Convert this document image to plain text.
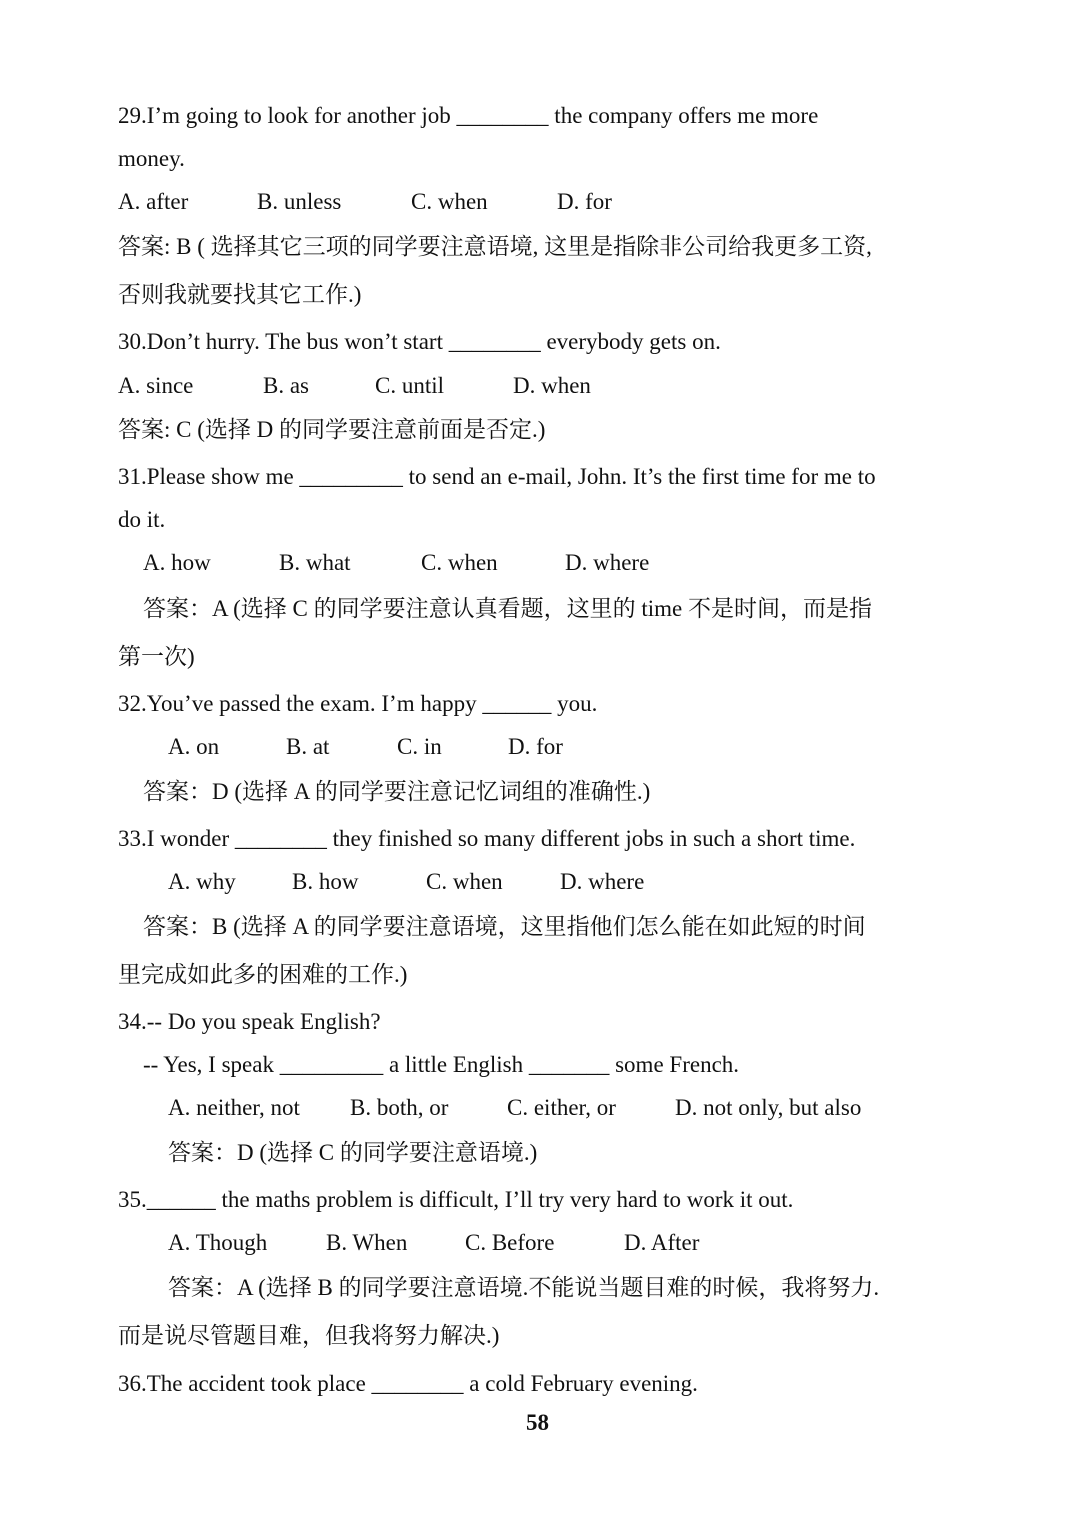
29.I’m going to look for another job ________ the company offers me more
money.
A. after	B. unless	C. when	D. for
答案: B ( 选择其它三项的同学要注意语境, 这里是指除非公司给我更多工资,
否则我就要找其它工作.)
30.Don’t hurry. The bus won’t start ________ everybody gets on.
A. since	B. as	C. until	D. when
答案: C (选择 D 的同学要注意前面是否定.)
31.Please show me _________ to send an e-mail, John. It’s the first time for me to
do it.
A. how	B. what	C. when	D. where
答案：A (选择 C 的同学要注意认真看题，这里的 time 不是时间，而是指
第一次)
32.You’ve passed the exam. I’m happy ______ you.
A. on	B. at	C. in	D. for
答案：D (选择 A 的同学要注意记忆词组的准确性.)
33.I wonder ________ they finished so many different jobs in such a short time.
A. why B. how	C. when D. where
答案：B (选择 A 的同学要注意语境，这里指他们怎么能在如此短的时间
里完成如此多的困难的工作.)
34.-- Do you speak English?
-- Yes, I speak _________ a little English _______ some French.
A. neither, not B. both, or	C. either, or	D. not only, but also
答案：D (选择 C 的同学要注意语境.)
35.______ the maths problem is difficult, I’ll try very hard to work it out.
A. Though	B. When	C. Before	D. After
答案：A (选择 B 的同学要注意语境.不能说当题目难的时候，我将努力.
而是说尽管题目难，但我将努力解决.)
36.The accident took place ________ a cold February evening.
58
